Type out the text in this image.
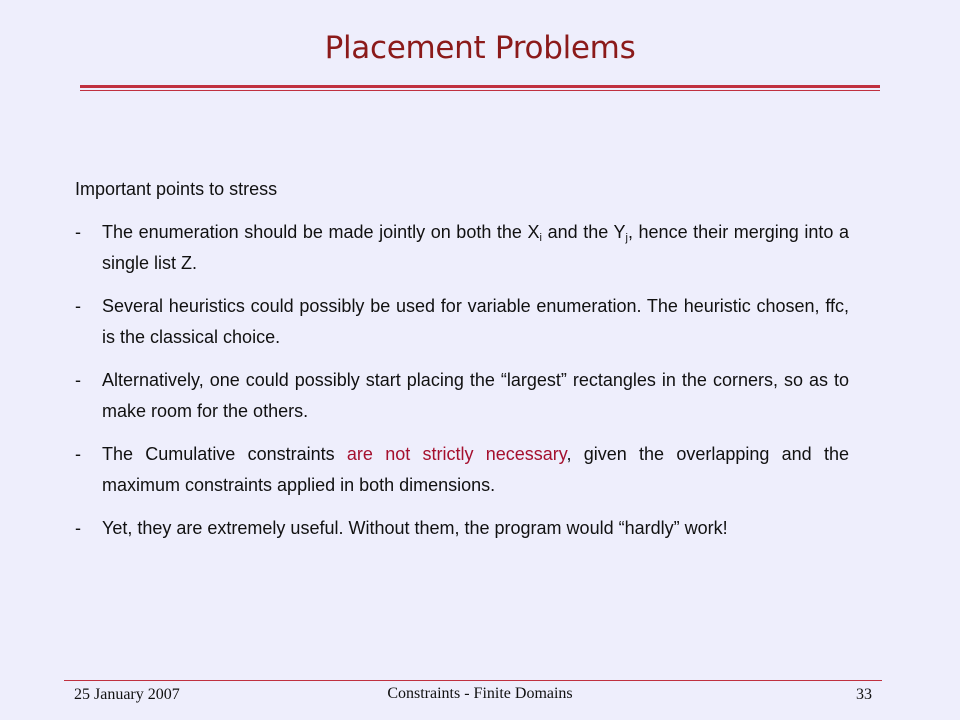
Placement Problems
Important points to stress
-	The enumeration should be made jointly on both the $X_i$ and the $Y_j$, hence their merging into a single list Z.
-	Several heuristics could possibly be used for variable enumeration. The heuristic chosen, ffc, is the classical choice.
-	Alternatively, one could possibly start placing the “largest” rectangles in the corners, so as to make room for the others.
-	The Cumulative constraints are not strictly necessary, given the overlapping and the maximum constraints applied in both dimensions.
-	Yet, they are extremely useful. Without them, the program would “hardly” work!
25 January 2007	Constraints - Finite Domains	33
